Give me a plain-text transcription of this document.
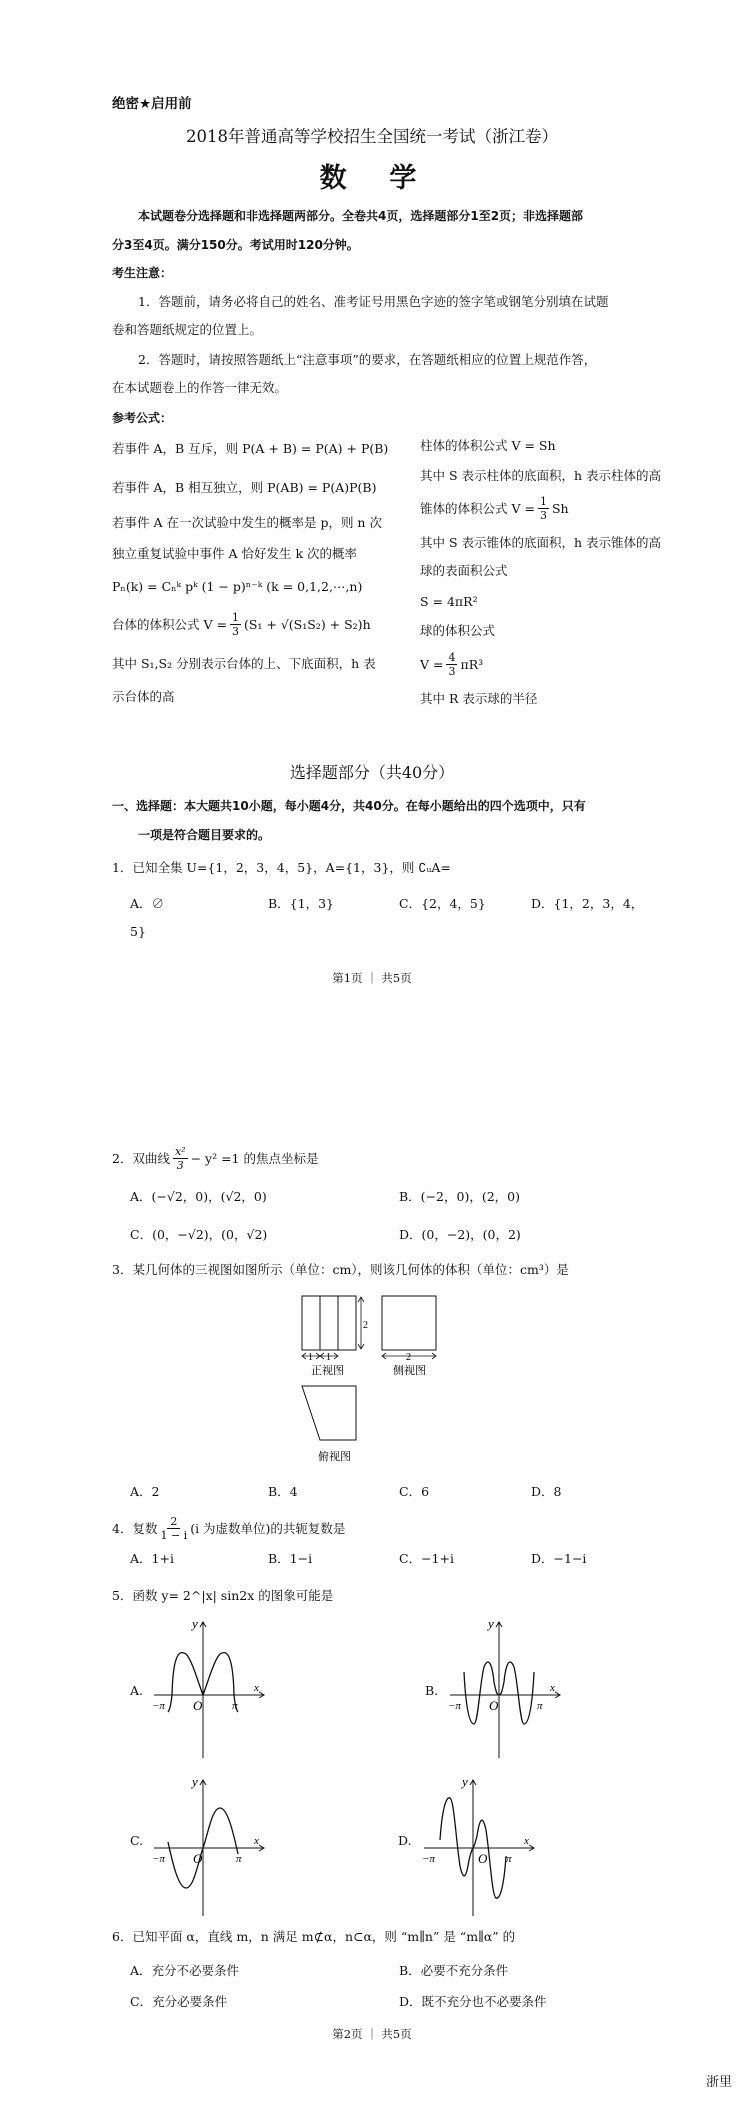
绝密★启用前
2018年普通高等学校招生全国统一考试（浙江卷）
数  学
本试题卷分选择题和非选择题两部分。全卷共4页，选择题部分1至2页；非选择题部
分3至4页。满分150分。考试用时120分钟。
考生注意：
1．答题前，请务必将自己的姓名、准考证号用黑色字迹的签字笔或钢笔分别填在试题
卷和答题纸规定的位置上。
2．答题时，请按照答题纸上“注意事项”的要求，在答题纸相应的位置上规范作答，
在本试题卷上的作答一律无效。
参考公式：
若事件 A，B 互斥，则 P(A + B) = P(A) + P(B)
若事件 A，B 相互独立，则 P(AB) = P(A)P(B)
若事件 A 在一次试验中发生的概率是 p，则 n 次
独立重复试验中事件 A 恰好发生 k 次的概率
Pₙ(k) = Cₙᵏ pᵏ (1 − p)ⁿ⁻ᵏ (k = 0,1,2,⋯,n)
台体的体积公式 $V = \frac{1}{3} (S_1 + √(S_1S_2) + S_2)h$
其中 S₁,S₂ 分别表示台体的上、下底面积，h 表
示台体的高
柱体的体积公式 V = Sh
其中 S 表示柱体的底面积，h 表示柱体的高
锥体的体积公式 $V = \frac{1}{3}$ Sh
其中 S 表示锥体的底面积，h 表示锥体的高
球的表面积公式
S = 4πR²
球的体积公式
$V = \frac{4}{3} \pi R^3$
其中 R 表示球的半径
选择题部分（共40分）
一、选择题：本大题共10小题，每小题4分，共40分。在每小题给出的四个选项中，只有
一项是符合题目要求的。
1．已知全集 U={1，2，3，4，5}，A={1，3}，则 ∁ᵤA=
A．∅	B．{1，3}	C．{2，4，5}	D．{1，2，3，4，
5}
第1页 ｜ 共5页
2．双曲线 $\frac{\text{x²}}{3} - y^2 =1$ 的焦点坐标是
A．(−√2，0)，(√2，0)	B．(−2，0)，(2，0)
C．(0，−√2)，(0，√2)	D．(0，−2)，(0，2)
3．某几何体的三视图如图所示（单位：cm），则该几何体的体积（单位：cm³）是
2
1 1
正视图
2
侧视图
俯视图
A．2	B．4	C．6	D．8
4．复数 $\frac{2}{1 - i} (i$ 为虚数单位)的共轭复数是
A．1+i	B．1−i	C．−1+i	D．−1−i
5．函数 y= 2^|x| sin2x 的图象可能是
A.
y
x
O
−π	π
B.
y
x
O
−π	π
C.
y
x
O
−π	π
D.
y
x
O
−π	π
6．已知平面 α，直线 m，n 满足 m⊄α，n⊂α，则 “m∥n” 是 “m∥α” 的
A．充分不必要条件	B．必要不充分条件
C．充分必要条件	D．既不充分也不必要条件
第2页 ｜ 共5页
浙里
